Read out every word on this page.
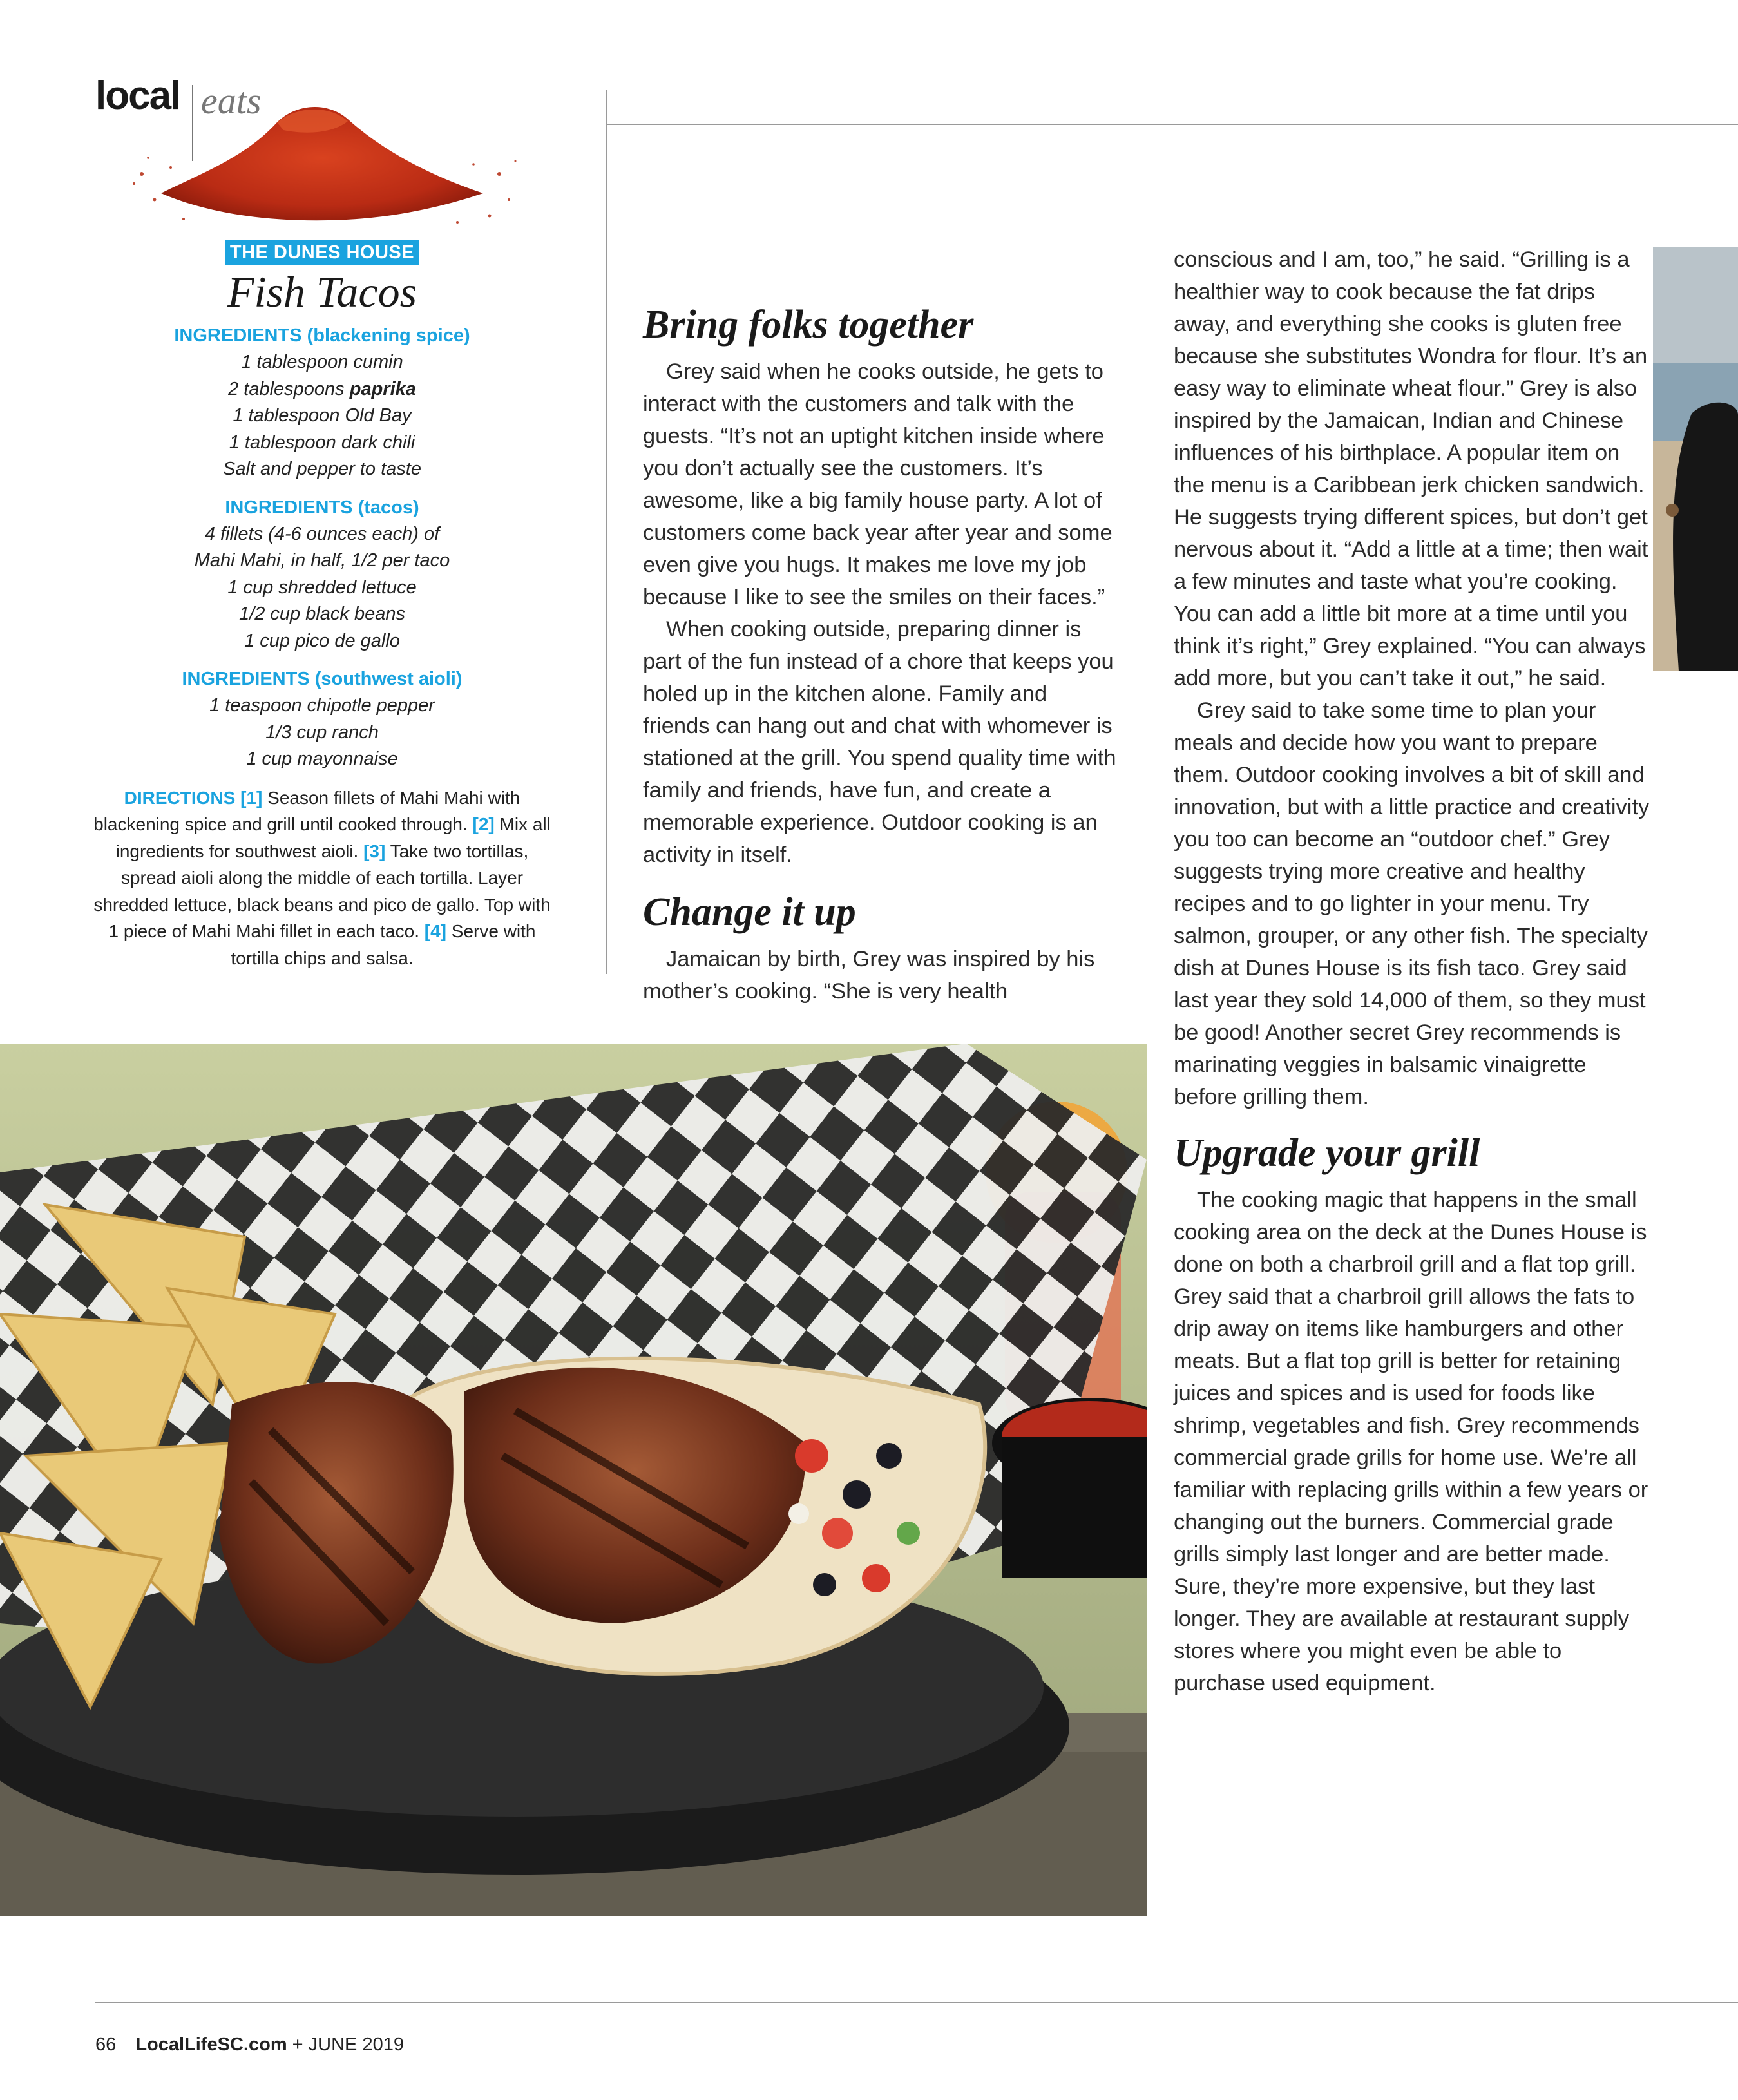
local eats
THE DUNES HOUSE
Fish Tacos
INGREDIENTS (blackening spice)
1 tablespoon cumin
2 tablespoons paprika
1 tablespoon Old Bay
1 tablespoon dark chili
Salt and pepper to taste
INGREDIENTS (tacos)
4 fillets (4-6 ounces each) of
Mahi Mahi, in half, 1/2 per taco
1 cup shredded lettuce
1/2 cup black beans
1 cup pico de gallo
INGREDIENTS (southwest aioli)
1 teaspoon chipotle pepper
1/3 cup ranch
1 cup mayonnaise
DIRECTIONS [1] Season fillets of Mahi Mahi with blackening spice and grill until cooked through. [2] Mix all ingredients for southwest aioli. [3] Take two tortillas, spread aioli along the middle of each tortilla. Layer shredded lettuce, black beans and pico de gallo. Top with 1 piece of Mahi Mahi fillet in each taco. [4] Serve with tortilla chips and salsa.
Bring folks together

Grey said when he cooks outside, he gets to interact with the customers and talk with the guests. “It’s not an uptight kitchen inside where you don’t actually see the customers. It’s awesome, like a big family house party. A lot of customers come back year after year and some even give you hugs. It makes me love my job because I like to see the smiles on their faces.”

When cooking outside, preparing dinner is part of the fun instead of a chore that keeps you holed up in the kitchen alone. Family and friends can hang out and chat with whomever is stationed at the grill. You spend quality time with family and friends, have fun, and create a memorable experience. Outdoor cooking is an activity in itself.

Change it up

Jamaican by birth, Grey was inspired by his mother’s cooking. “She is very health

conscious and I am, too,” he said. “Grilling is a healthier way to cook because the fat drips away, and everything she cooks is gluten free because she substitutes Wondra for flour. It’s an easy way to eliminate wheat flour.” Grey is also inspired by the Jamaican, Indian and Chinese influences of his birthplace. A popular item on the menu is a Caribbean jerk chicken sandwich. He suggests trying different spices, but don’t get nervous about it. “Add a little at a time; then wait a few minutes and taste what you’re cooking. You can add a little bit more at a time until you think it’s right,” Grey explained. “You can always add more, but you can’t take it out,” he said.

Grey said to take some time to plan your meals and decide how you want to prepare them. Outdoor cooking involves a bit of skill and innovation, but with a little practice and creativity you too can become an “outdoor chef.” Grey suggests trying more creative and healthy recipes and to go lighter in your menu. Try salmon, grouper, or any other fish. The specialty dish at Dunes House is its fish taco. Grey said last year they sold 14,000 of them, so they must be good! Another secret Grey recommends is marinating veggies in balsamic vinaigrette before grilling them.

Upgrade your grill

The cooking magic that happens in the small cooking area on the deck at the Dunes House is done on both a charbroil grill and a flat top grill. Grey said that a charbroil grill allows the fats to drip away on items like hamburgers and other meats. But a flat top grill is better for retaining juices and spices and is used for foods like shrimp, vegetables and fish. Grey recommends commercial grade grills for home use. We’re all familiar with replacing grills within a few years or changing out the burners. Commercial grade grills simply last longer and are better made. Sure, they’re more expensive, but they last longer. They are available at restaurant supply stores where you might even be able to purchase used equipment.

66 LocalLifeSC.com + JUNE 2019
